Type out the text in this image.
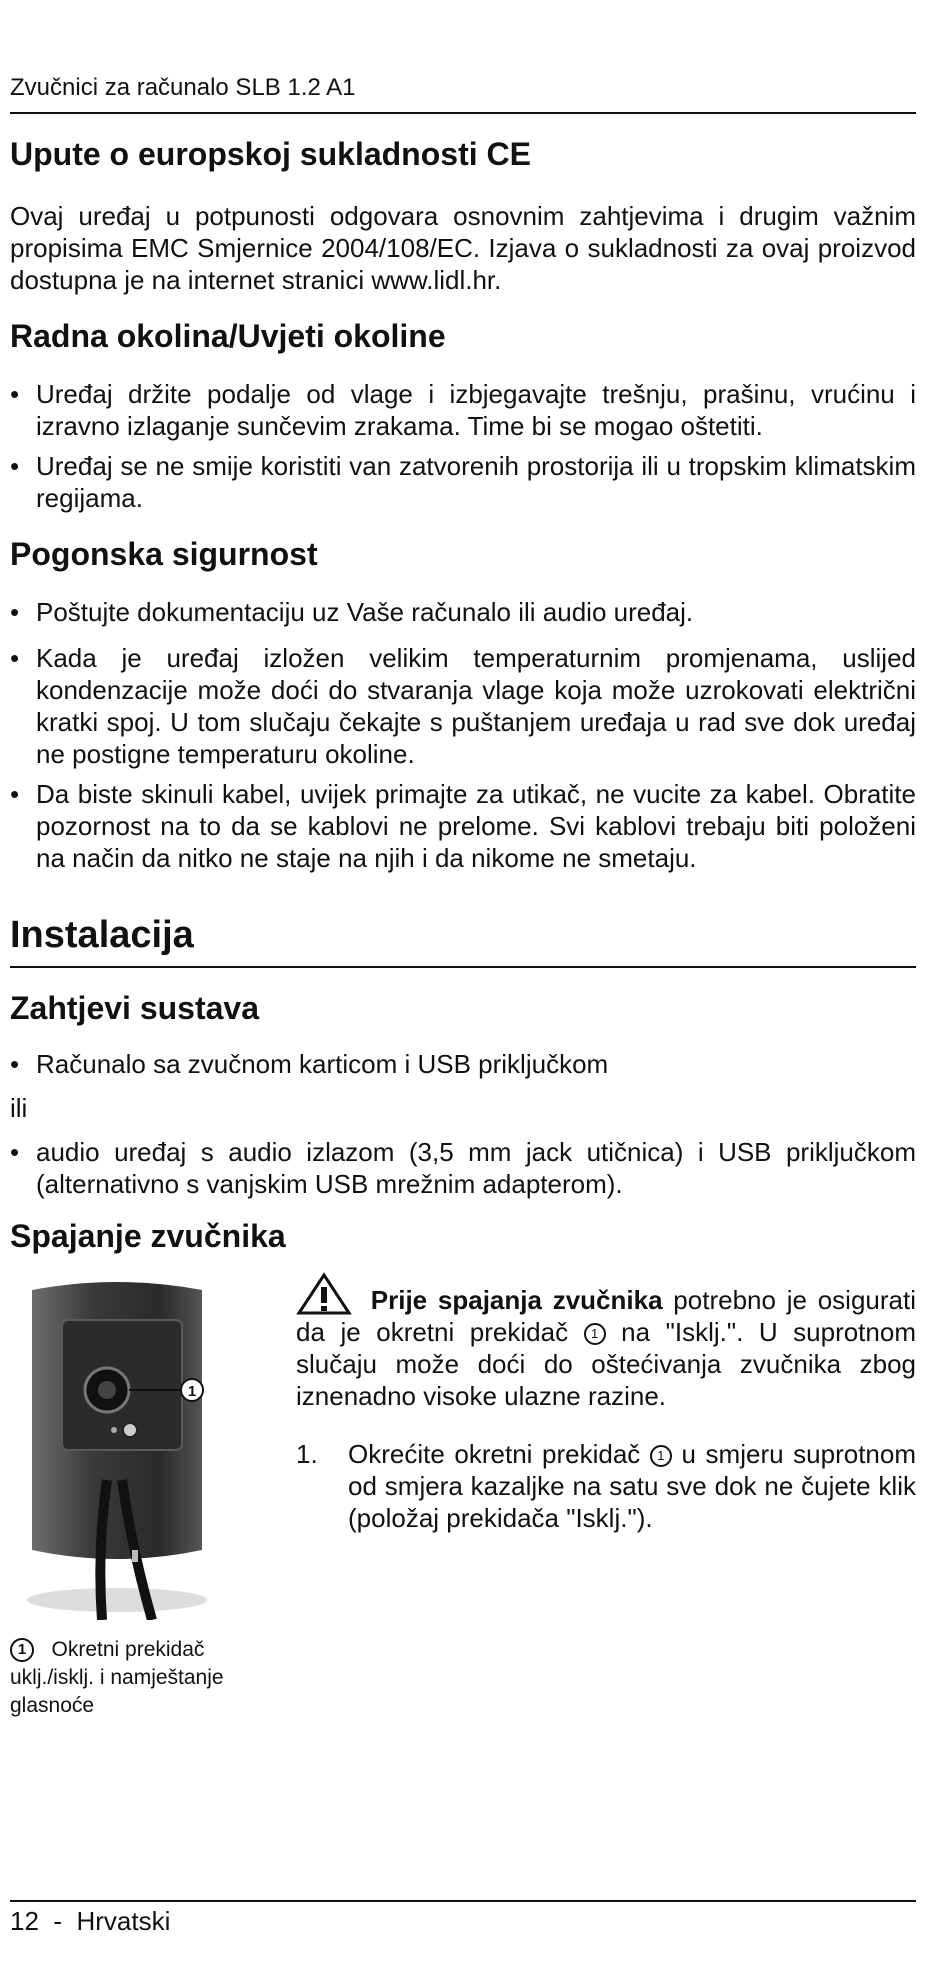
Zvučnici za računalo SLB 1.2 A1
Upute o europskoj sukladnosti CE
Ovaj uređaj u potpunosti odgovara osnovnim zahtjevima i drugim važnim propisima EMC Smjernice 2004/108/EC. Izjava o sukladnosti za ovaj proizvod dostupna je na internet stranici www.lidl.hr.
Radna okolina/Uvjeti okoline
• Uređaj držite podalje od vlage i izbjegavajte trešnju, prašinu, vrućinu i izravno izlaganje sunčevim zrakama. Time bi se mogao oštetiti.
• Uređaj se ne smije koristiti van zatvorenih prostorija ili u tropskim klimatskim regijama.
Pogonska sigurnost
• Poštujte dokumentaciju uz Vaše računalo ili audio uređaj.
• Kada je uređaj izložen velikim temperaturnim promjenama, uslijed kondenzacije može doći do stvaranja vlage koja može uzrokovati električni kratki spoj. U tom slučaju čekajte s puštanjem uređaja u rad sve dok uređaj ne postigne temperaturu okoline.
• Da biste skinuli kabel, uvijek primajte za utikač, ne vucite za kabel. Obratite pozornost na to da se kablovi ne prelome. Svi kablovi trebaju biti položeni na način da nitko ne staje na njih i da nikome ne smetaju.
Instalacija
Zahtjevi sustava
• Računalo sa zvučnom karticom i USB priključkom
ili
• audio uređaj s audio izlazom (3,5 mm jack utičnica) i USB priključkom (alternativno s vanjskim USB mrežnim adapterom).
Spajanje zvučnika
1
1 Okretni prekidač uklj./isklj. i namještanje glasnoće
Prije spajanja zvučnika potrebno je osigurati da je okretni prekidač 1 na "Isklj.". U suprotnom slučaju može doći do oštećivanja zvučnika zbog iznenadno visoke ulazne razine.
1. Okrećite okretni prekidač 1 u smjeru suprotnom od smjera kazaljke na satu sve dok ne čujete klik (položaj prekidača "Isklj.").
12  -  Hrvatski
